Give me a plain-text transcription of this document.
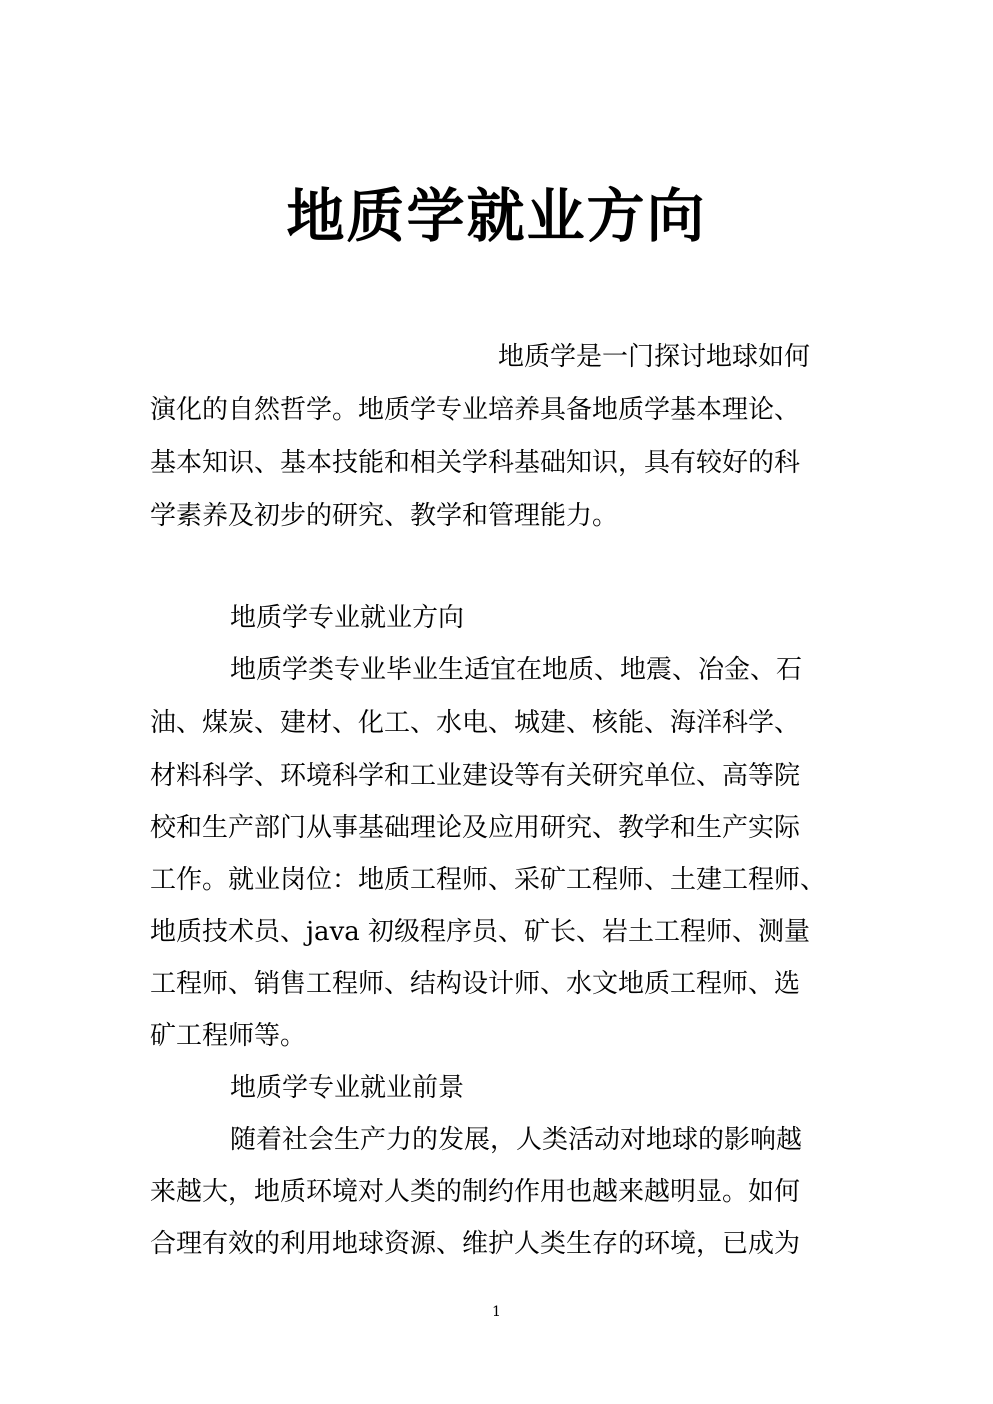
地质学就业方向

地质学是一门探讨地球如何

演化的自然哲学。地质学专业培养具备地质学基本理论、

基本知识、基本技能和相关学科基础知识，具有较好的科

学素养及初步的研究、教学和管理能力。

地质学专业就业方向

地质学类专业毕业生适宜在地质、地震、冶金、石

油、煤炭、建材、化工、水电、城建、核能、海洋科学、

材料科学、环境科学和工业建设等有关研究单位、高等院

校和生产部门从事基础理论及应用研究、教学和生产实际

工作。就业岗位：地质工程师、采矿工程师、土建工程师、

地质技术员、java 初级程序员、矿长、岩土工程师、测量

工程师、销售工程师、结构设计师、水文地质工程师、选

矿工程师等。

地质学专业就业前景

随着社会生产力的发展，人类活动对地球的影响越

来越大，地质环境对人类的制约作用也越来越明显。如何

合理有效的利用地球资源、维护人类生存的环境，已成为

1
